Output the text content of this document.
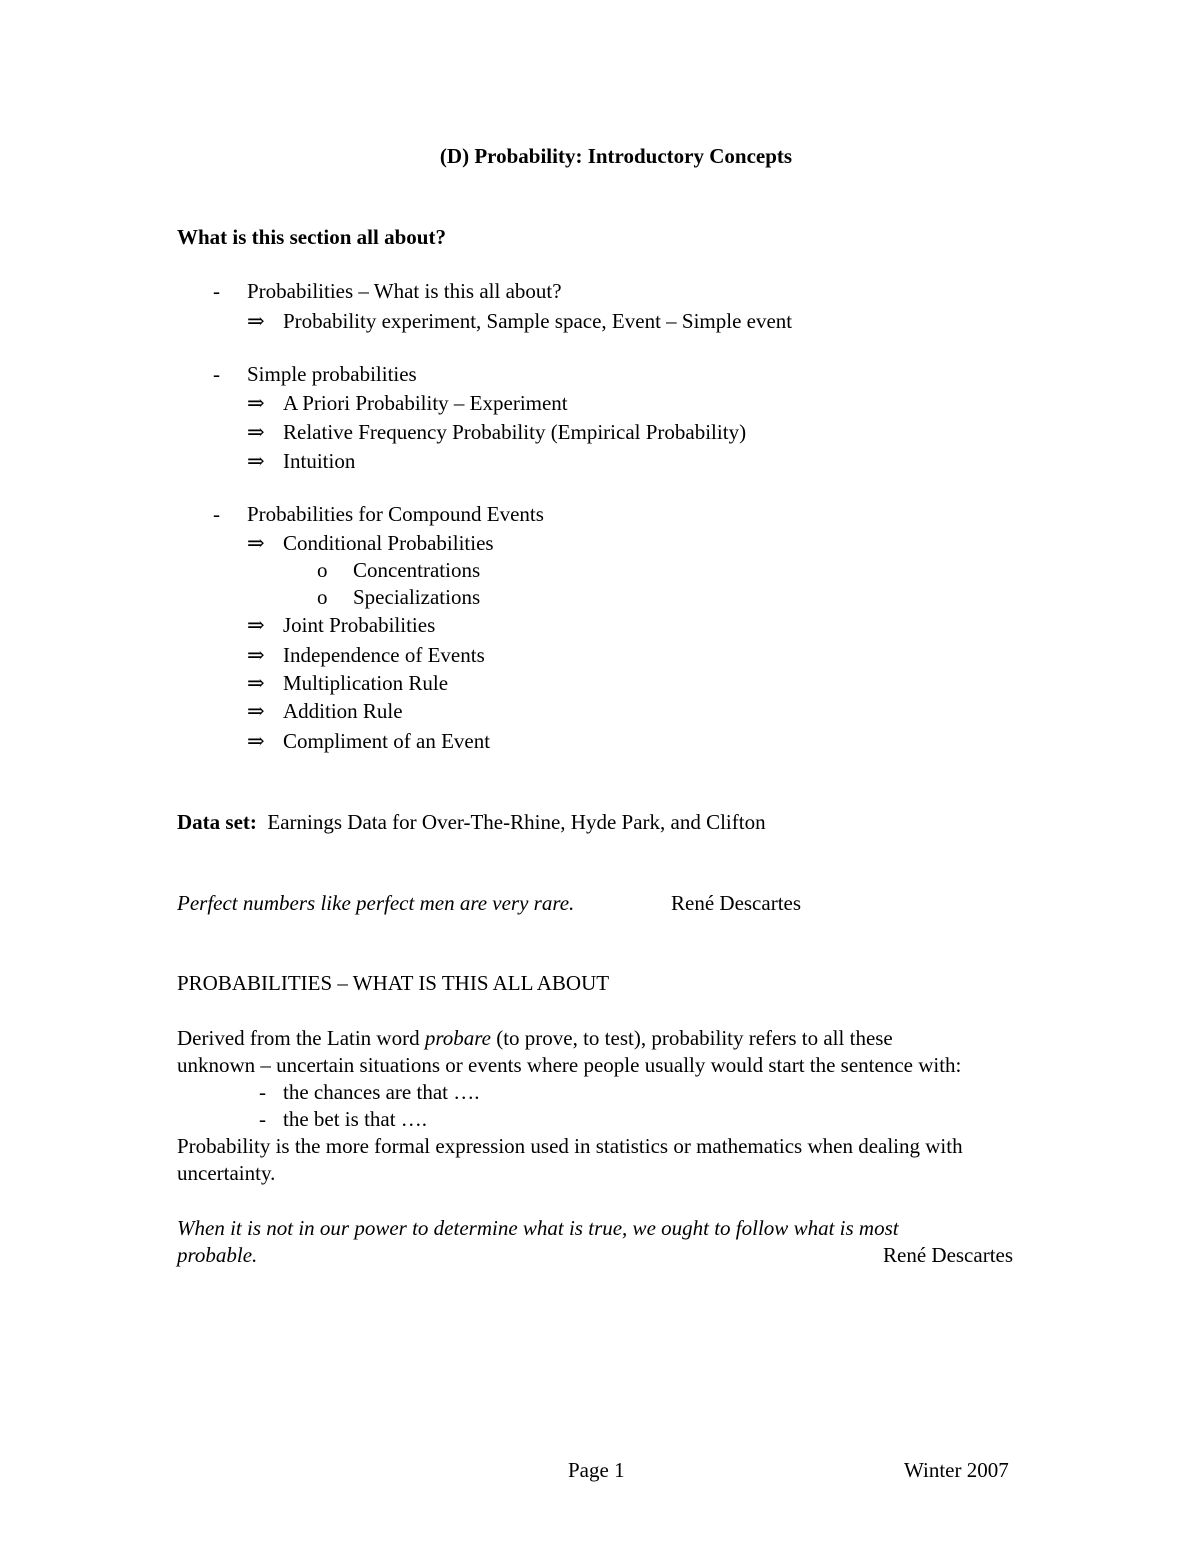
(D) Probability: Introductory Concepts
What is this section all about?
- Probabilities – What is this all about?
⇒ Probability experiment, Sample space, Event – Simple event
- Simple probabilities
⇒ A Priori Probability – Experiment
⇒ Relative Frequency Probability (Empirical Probability)
⇒ Intuition
- Probabilities for Compound Events
⇒ Conditional Probabilities
o Concentrations
o Specializations
⇒ Joint Probabilities
⇒ Independence of Events
⇒ Multiplication Rule
⇒ Addition Rule
⇒ Compliment of an Event
Data set: Earnings Data for Over-The-Rhine, Hyde Park, and Clifton
Perfect numbers like perfect men are very rare.	René Descartes
PROBABILITIES – WHAT IS THIS ALL ABOUT
Derived from the Latin word probare (to prove, to test), probability refers to all these
unknown – uncertain situations or events where people usually would start the sentence with:
- the chances are that ….
- the bet is that ….
Probability is the more formal expression used in statistics or mathematics when dealing with
uncertainty.
When it is not in our power to determine what is true, we ought to follow what is most
probable.	René Descartes
Page 1	Winter 2007
